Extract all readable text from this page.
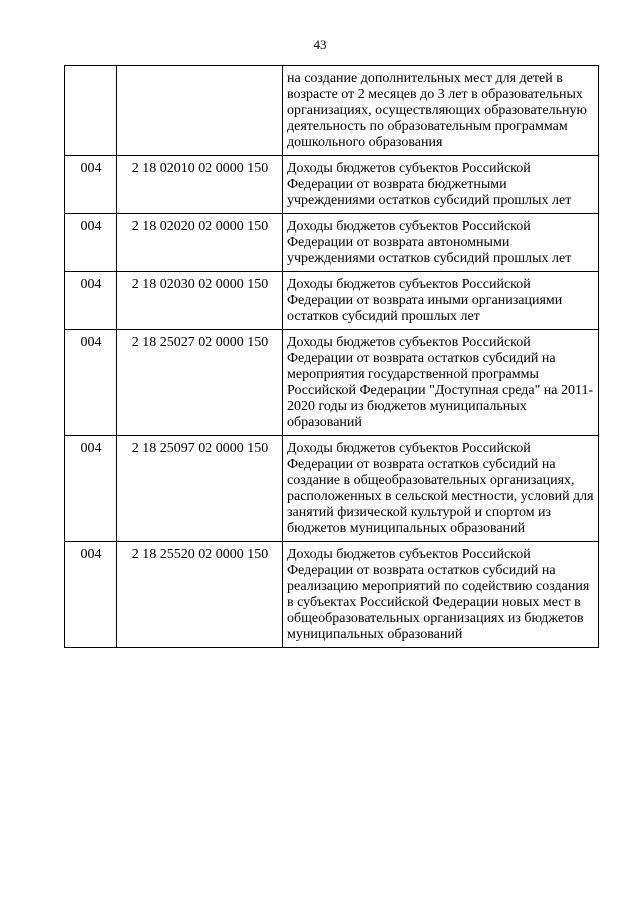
43
		на создание дополнительных мест для детей в возрасте от 2 месяцев до 3 лет в образовательных организациях, осуществляющих образовательную деятельность по образовательным программам дошкольного образования
004	2 18 02010 02 0000 150	Доходы бюджетов субъектов Российской Федерации от возврата бюджетными учреждениями остатков субсидий прошлых лет
004	2 18 02020 02 0000 150	Доходы бюджетов субъектов Российской Федерации от возврата автономными учреждениями остатков субсидий прошлых лет
004	2 18 02030 02 0000 150	Доходы бюджетов субъектов Российской Федерации от возврата иными организациями остатков субсидий прошлых лет
004	2 18 25027 02 0000 150	Доходы бюджетов субъектов Российской Федерации от возврата остатков субсидий на мероприятия государственной программы Российской Федерации "Доступная среда" на 2011-2020 годы из бюджетов муниципальных образований
004	2 18 25097 02 0000 150	Доходы бюджетов субъектов Российской Федерации от возврата остатков субсидий на создание в общеобразовательных организациях, расположенных в сельской местности, условий для занятий физической культурой и спортом из бюджетов муниципальных образований
004	2 18 25520 02 0000 150	Доходы бюджетов субъектов Российской Федерации от возврата остатков субсидий на реализацию мероприятий по содействию создания в субъектах Российской Федерации новых мест в общеобразовательных организациях из бюджетов муниципальных образований
